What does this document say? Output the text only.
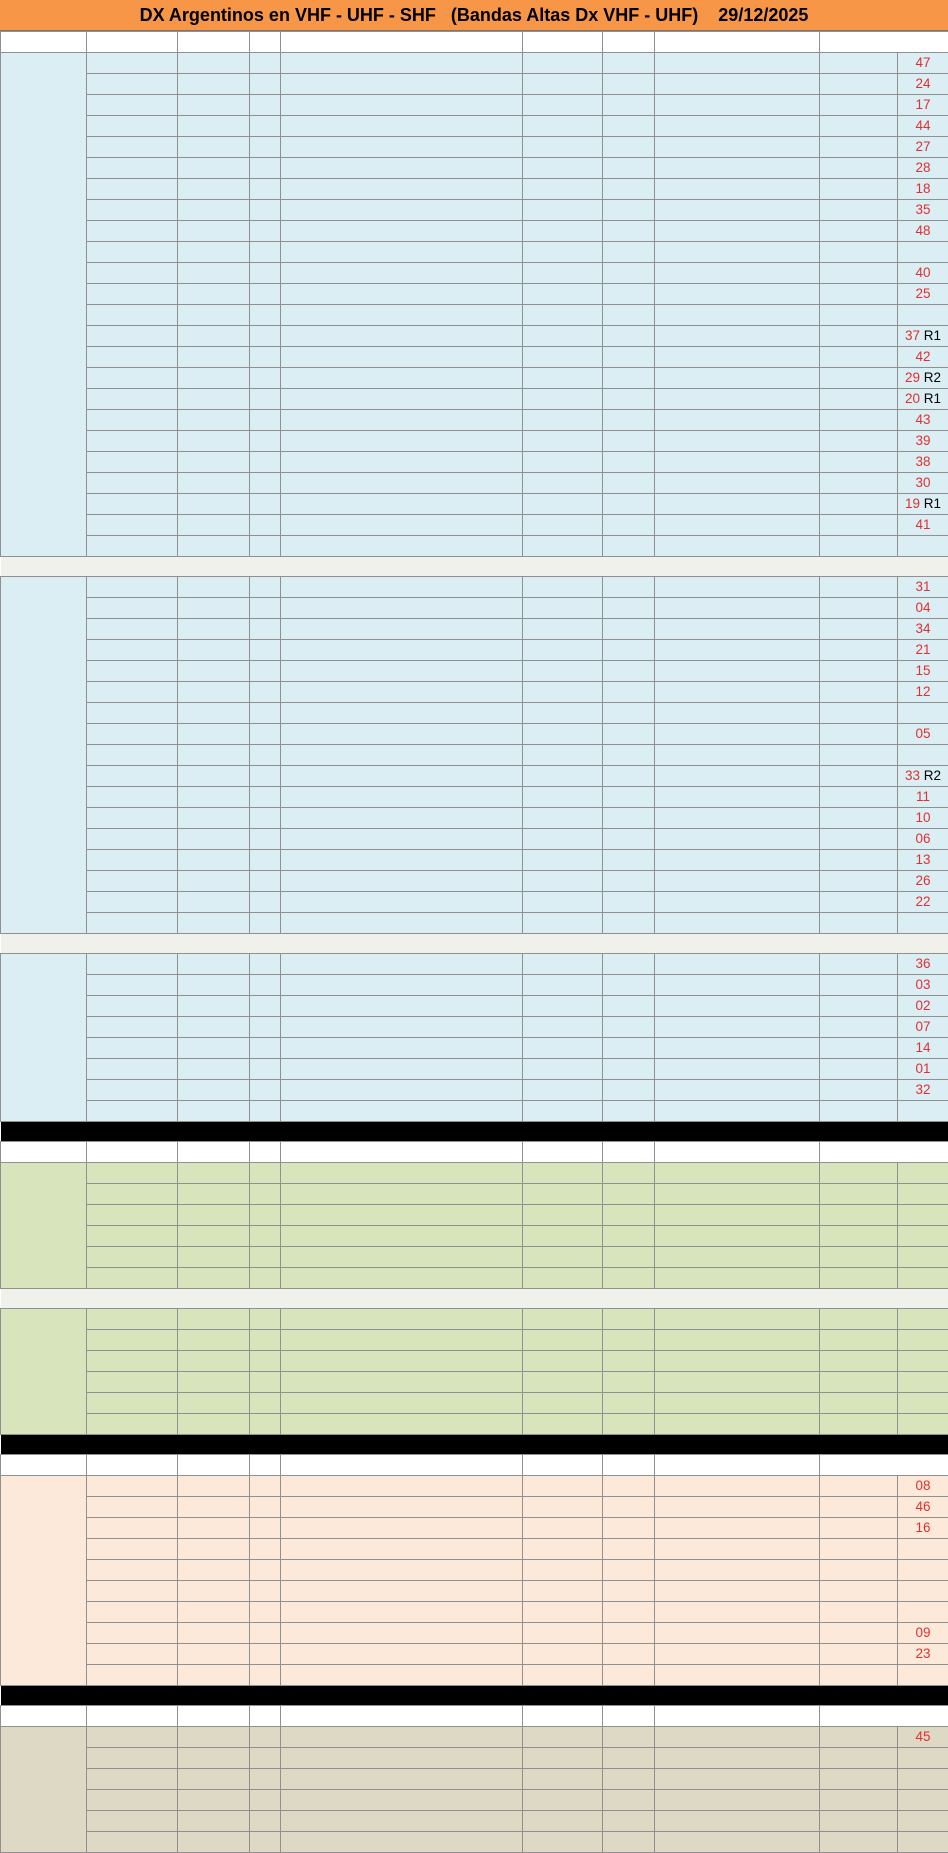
DX Argentinos en VHF - UHF - SHF   (Bandas Altas Dx VHF - UHF)    29/12/2025

									47
									24
									17
									44
									27
									28
									18
									35
									48

									40
									25

									37 R1
									42
									29 R2
									20 R1
									43
									39
									38
									30
									19 R1
									41

									31
									04
									34
									21
									15
									12

									05

									33 R2
									11
									10
									06
									13
									26
									22

									36
									03
									02
									07
									14
									01
									32

									08
									46
									16

									09
									23

									45
